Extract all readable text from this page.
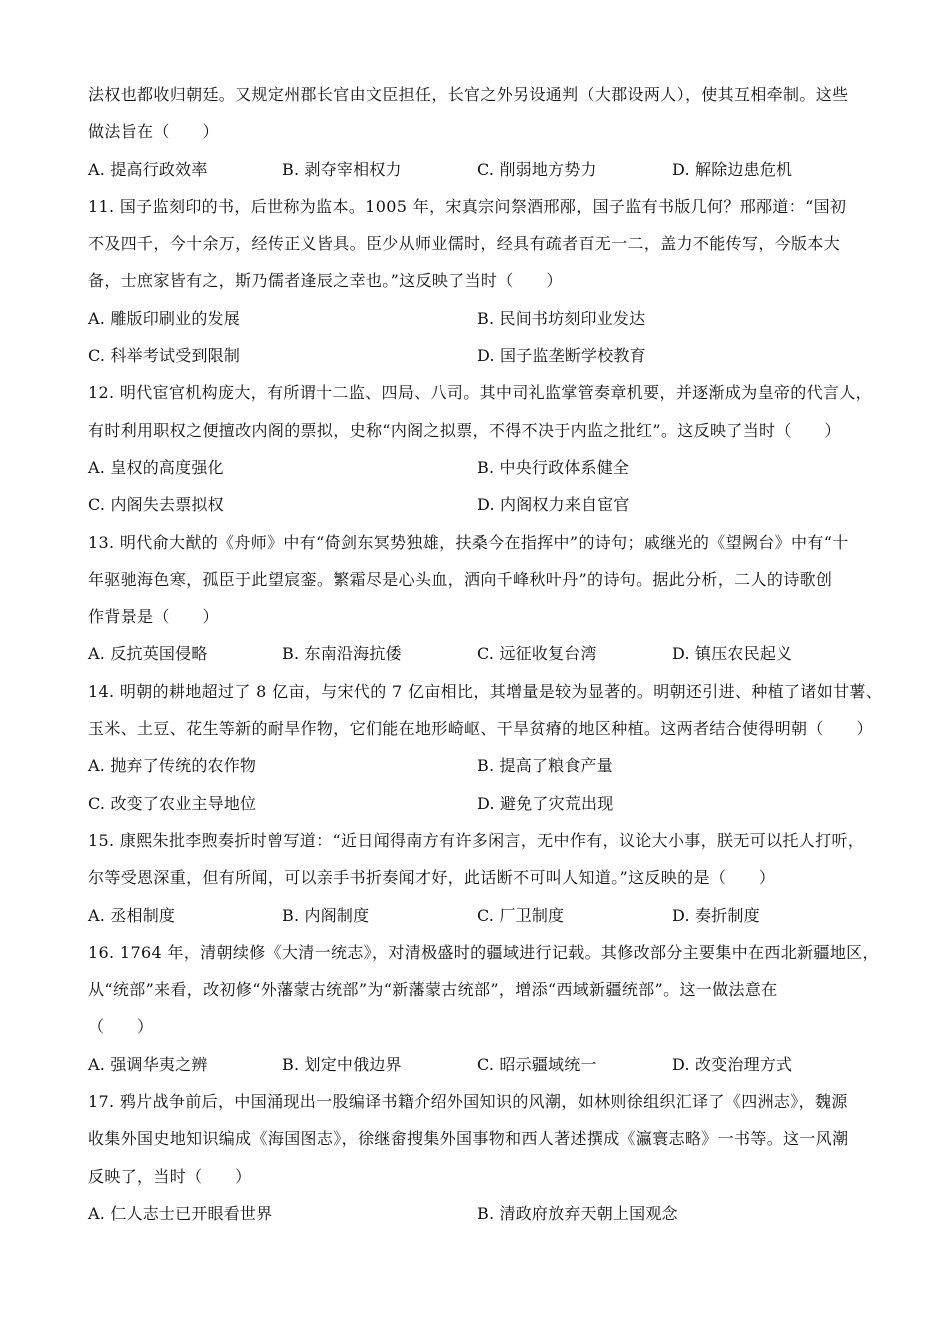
法权也都收归朝廷。又规定州郡长官由文臣担任，长官之外另设通判（大郡设两人），使其互相牵制。这些
做法旨在（　　）
A. 提高行政效率	B. 剥夺宰相权力	C. 削弱地方势力	D. 解除边患危机
11. 国子监刻印的书，后世称为监本。1005 年，宋真宗问祭酒邢邴，国子监有书版几何？邢邴道：“国初
不及四千，今十余万，经传正义皆具。臣少从师业儒时，经具有疏者百无一二，盖力不能传写，今版本大
备，士庶家皆有之，斯乃儒者逢辰之幸也。”这反映了当时（　　）
A. 雕版印刷业的发展	B. 民间书坊刻印业发达
C. 科举考试受到限制	D. 国子监垄断学校教育
12. 明代宦官机构庞大，有所谓十二监、四局、八司。其中司礼监掌管奏章机要，并逐渐成为皇帝的代言人，
有时利用职权之便擅改内阁的票拟，史称“内阁之拟票，不得不决于内监之批红”。这反映了当时（　　）
A. 皇权的高度强化	B. 中央行政体系健全
C. 内阁失去票拟权	D. 内阁权力来自宦官
13. 明代俞大猷的《舟师》中有“倚剑东冥势独雄，扶桑今在指挥中”的诗句；戚继光的《望阙台》中有“十
年驱驰海色寒，孤臣于此望宸銮。繁霜尽是心头血，洒向千峰秋叶丹”的诗句。据此分析，二人的诗歌创
作背景是（　　）
A. 反抗英国侵略	B. 东南沿海抗倭	C. 远征收复台湾	D. 镇压农民起义
14. 明朝的耕地超过了 8 亿亩，与宋代的 7 亿亩相比，其增量是较为显著的。明朝还引进、种植了诸如甘薯、
玉米、土豆、花生等新的耐旱作物，它们能在地形崎岖、干旱贫瘠的地区种植。这两者结合使得明朝（　　）
A. 抛弃了传统的农作物	B. 提高了粮食产量
C. 改变了农业主导地位	D. 避免了灾荒出现
15. 康熙朱批李煦奏折时曾写道：“近日闻得南方有许多闲言，无中作有，议论大小事，朕无可以托人打听，
尔等受恩深重，但有所闻，可以亲手书折奏闻才好，此话断不可叫人知道。”这反映的是（　　）
A. 丞相制度	B. 内阁制度	C. 厂卫制度	D. 奏折制度
16. 1764 年，清朝续修《大清一统志》，对清极盛时的疆域进行记载。其修改部分主要集中在西北新疆地区，
从“统部”来看，改初修“外藩蒙古统部”为“新藩蒙古统部”，增添“西域新疆统部”。这一做法意在
（　　）
A. 强调华夷之辨	B. 划定中俄边界	C. 昭示疆域统一	D. 改变治理方式
17. 鸦片战争前后，中国涌现出一股编译书籍介绍外国知识的风潮，如林则徐组织汇译了《四洲志》，魏源
收集外国史地知识编成《海国图志》，徐继畲搜集外国事物和西人著述撰成《瀛寰志略》一书等。这一风潮
反映了，当时（　　）
A. 仁人志士已开眼看世界	B. 清政府放弃天朝上国观念
